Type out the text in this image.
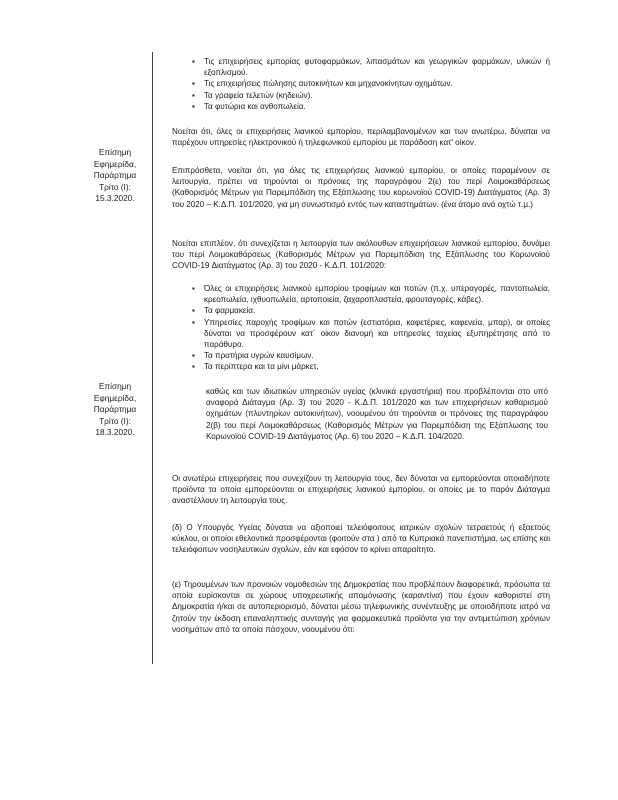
▪ Τις επιχειρήσεις εμπορίας φυτοφαρμάκων, λιπασμάτων και γεωργικών φαρμάκων, υλικών ή εξοπλισμού.
▪ Τις επιχειρήσεις πώλησης αυτοκινήτων και μηχανοκίνητων οχημάτων.
▪ Τα γραφεία τελετών (κηδειών).
▪ Τα φυτώρια και ανθοπωλεία.

Νοείται ότι, όλες οι επιχειρήσεις λιανικού εμπορίου, περιλαμβανομένων και των ανωτέρω, δύναται να παρέχουν υπηρεσίες ηλεκτρονικού ή τηλεφωνικού εμπορίου με παράδοση κατ' οίκον.

Επίσημη
Εφημερίδα,
Παράρτημα
Τρίτο (Ι):
15.3.2020.

Επιπρόσθετα, νοείται ότι, για όλες τις επιχειρήσεις λιανικού εμπορίου, οι οποίες παραμένουν σε λειτουργία, πρέπει να τηρούνται οι πρόνοιες της παραγράφου 2(ε) του περί Λοιμοκαθάρσεως (Καθορισμός Μέτρων για Παρεμπόδιση της Εξάπλωσης του κορωνοϊού COVID-19) Διατάγματος (Αρ. 3) του 2020 – Κ.Δ.Π. 101/2020, για μη συνωστισμό εντός των καταστημάτων. (ένα άτομο ανά οχτώ τ.μ.)

Νοείται επιπλέον, ότι συνεχίζεται η λειτουργία των ακόλουθων επιχειρήσεων λιανικού εμπορίου, δυνάμει του περί Λοιμοκαθάρσεως (Καθορισμός Μέτρων για Παρεμπόδιση της Εξάπλωσης του Κορωνοϊού COVID-19 Διατάγματος (Αρ. 3) του 2020 - Κ.Δ.Π. 101/2020:

▪ Όλες οι επιχειρήσεις λιανικού εμπορίου τροφίμων και ποτών (π.χ. υπεραγορές, παντοπωλεία, κρεοπωλεία, ιχθυοπωλεία, αρτοποιεία, ζαχαροπλαστεία, φρουταγορές, κάβες).
▪ Τα φαρμακεία.
▪ Υπηρεσίες παροχής τροφίμων και ποτών (εστιατόρια, καφετέριες, καφενεία, μπαρ), οι οποίες δύναται να προσφέρουν κατ΄ οίκον διανομή και υπηρεσίες ταχείας εξυπηρέτησης από το παράθυρο.
▪ Τα πρατήρια υγρών καυσίμων.
▪ Τα περίπτερα και τα μίνι μάρκετ,
Επίσημη
Εφημερίδα,
Παράρτημα
Τρίτο (Ι):
18.3.2020.

καθώς και των ιδιωτικών υπηρεσιών υγείας (κλινικά εργαστήρια) που προβλέπονται στο υπό αναφορά Διάταγμα (Αρ. 3) του 2020 - Κ.Δ.Π. 101/2020 και των επιχειρήσεων καθαρισμού οχημάτων (πλυντηρίων αυτοκινήτων), νοουμένου ότι τηρούνται οι πρόνοιες της παραγράφου 2(β) του περί Λοιμοκαθάρσεως (Καθορισμός Μέτρων για Παρεμπόδιση της Εξάπλωσης του Κορωνοϊού COVID-19 Διατάγματος (Αρ. 6) του 2020 – Κ.Δ.Π. 104/2020.

Οι ανωτέρω επιχειρήσεις που συνεχίζουν τη λειτουργία τους, δεν δύναται να εμπορεύονται οποιαδήποτε προϊόντα τα οποία εμπορεύονται οι επιχειρήσεις λιανικού εμπορίου, οι οποίες με το παρόν Διάταγμα αναστέλλουν τη λειτουργία τους.

(δ) Ο Υπουργός Υγείας δύναται να αξιοποιεί τελειόφοιτους ιατρικών σχολών τετραετούς ή εξαετούς κύκλου, οι οποίοι εθελοντικά προσφέρονται (φοιτούν στα ) από τα Κυπριακά πανεπιστήμια, ως επίσης και τελειόφοιτων νοσηλευτικών σχολών, εάν και εφόσον το κρίνει απαραίτητο.

(ε) Τηρουμένων των προνοιών νομοθεσιών της Δημοκρατίας που προβλέπουν διαφορετικά, πρόσωπα τα οποία ευρίσκονται σε χώρους υποχρεωτικής απομόνωσης (καραντίνα) που έχουν καθοριστεί στη Δημοκρατία ή/και σε αυτοπεριορισμό, δύναται μέσω τηλεφωνικής συνέντευξης με οποιοδήποτε ιατρό να ζητούν την έκδοση επαναληπτικής συνταγής για φαρμακευτικά προϊόντα για την αντιμετώπιση χρόνιων νοσημάτων από τα οποία πάσχουν, νοουμένου ότι:
